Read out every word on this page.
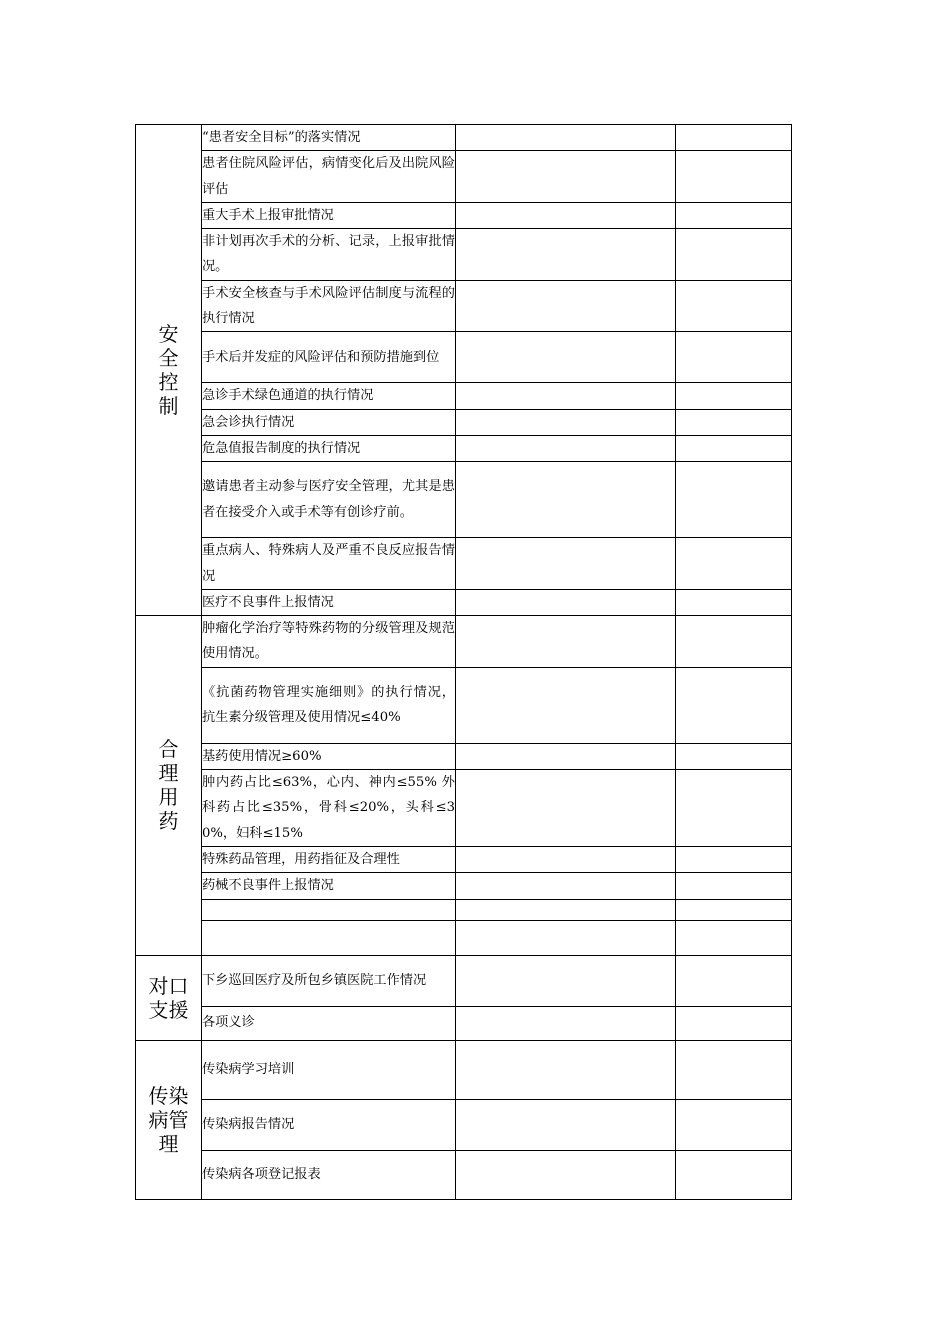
安全控制	“患者安全目标”的落实情况		
	患者住院风险评估，病情变化后及出院风险评估		
	重大手术上报审批情况		
	非计划再次手术的分析、记录，上报审批情况。		
	手术安全核查与手术风险评估制度与流程的执行情况		
	手术后并发症的风险评估和预防措施到位		
	急诊手术绿色通道的执行情况		
	急会诊执行情况		
	危急值报告制度的执行情况		
	邀请患者主动参与医疗安全管理，尤其是患者在接受介入或手术等有创诊疗前。		
	重点病人、特殊病人及严重不良反应报告情况		
	医疗不良事件上报情况		
合理用药	肿瘤化学治疗等特殊药物的分级管理及规范使用情况。		
	《抗菌药物管理实施细则》的执行情况， 抗生素分级管理及使用情况≤40%		
	基药使用情况≥60%		
	肿内药占比≤63%，心内、神内≤55% 外科药占比≤35%，骨科≤20%，头科≤30%，妇科≤15%		
	特殊药品管理，用药指征及合理性		
	药械不良事件上报情况		

对口支援	下乡巡回医疗及所包乡镇医院工作情况		
	各项义诊		
传染病管理	传染病学习培训		
	传染病报告情况		
	传染病各项登记报表		
